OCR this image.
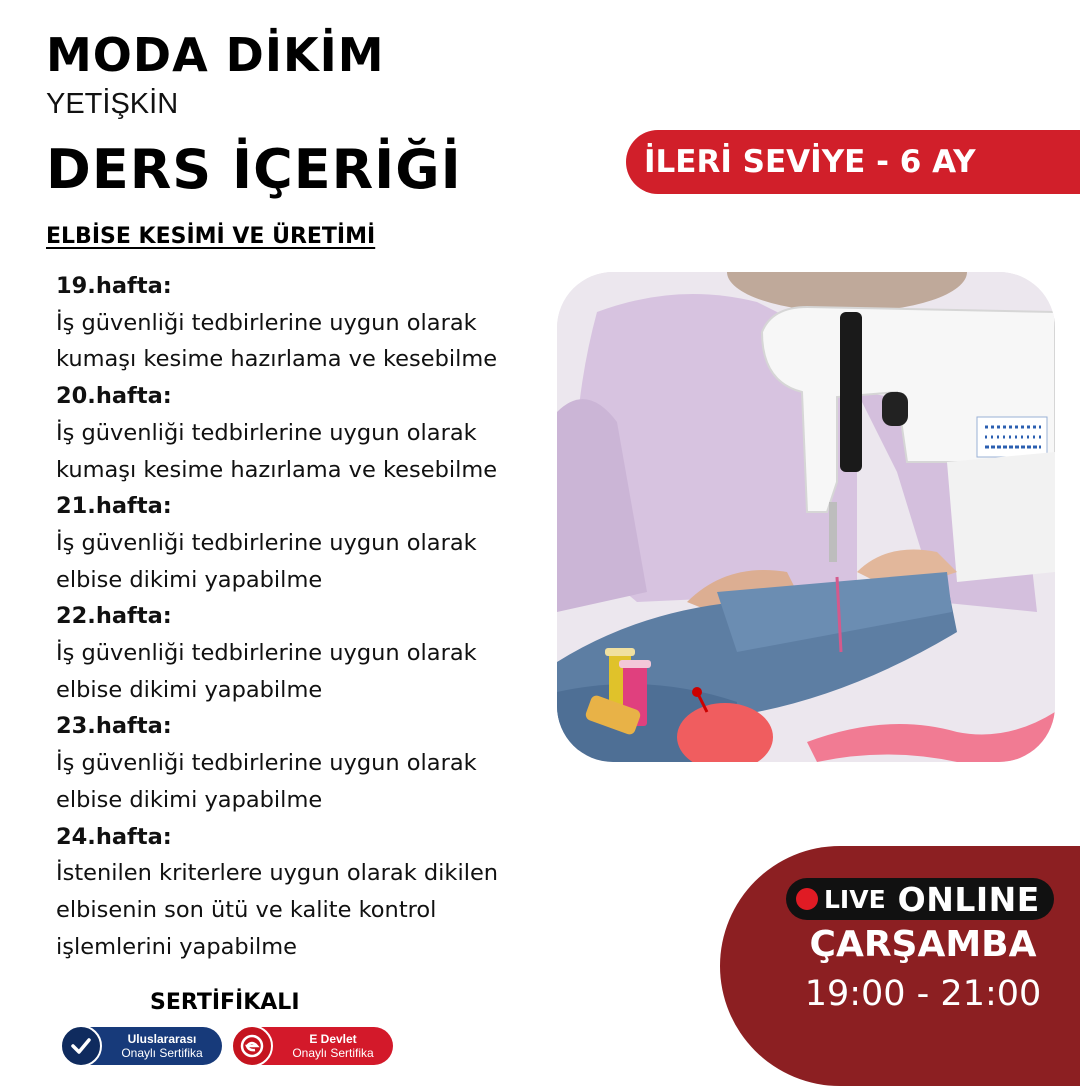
MODA DİKİM
YETİŞKİN
DERS İÇERİĞİ
ELBİSE KESİMİ VE ÜRETİMİ
19.hafta:
İş güvenliği tedbirlerine uygun olarak
kumaşı kesime hazırlama ve kesebilme
20.hafta:
İş güvenliği tedbirlerine uygun olarak
kumaşı kesime hazırlama ve kesebilme
21.hafta:
İş güvenliği tedbirlerine uygun olarak
elbise dikimi yapabilme
22.hafta:
İş güvenliği tedbirlerine uygun olarak
elbise dikimi yapabilme
23.hafta:
İş güvenliği tedbirlerine uygun olarak
elbise dikimi yapabilme
24.hafta:
İstenilen kriterlere uygun olarak dikilen
elbisenin son ütü ve kalite kontrol
işlemlerini yapabilme
İLERİ SEVİYE - 6 AY
LIVE ONLINE
ÇARŞAMBA
19:00 - 21:00
SERTİFİKALI
Uluslararası
Onaylı Sertifika
E Devlet
Onaylı Sertifika
